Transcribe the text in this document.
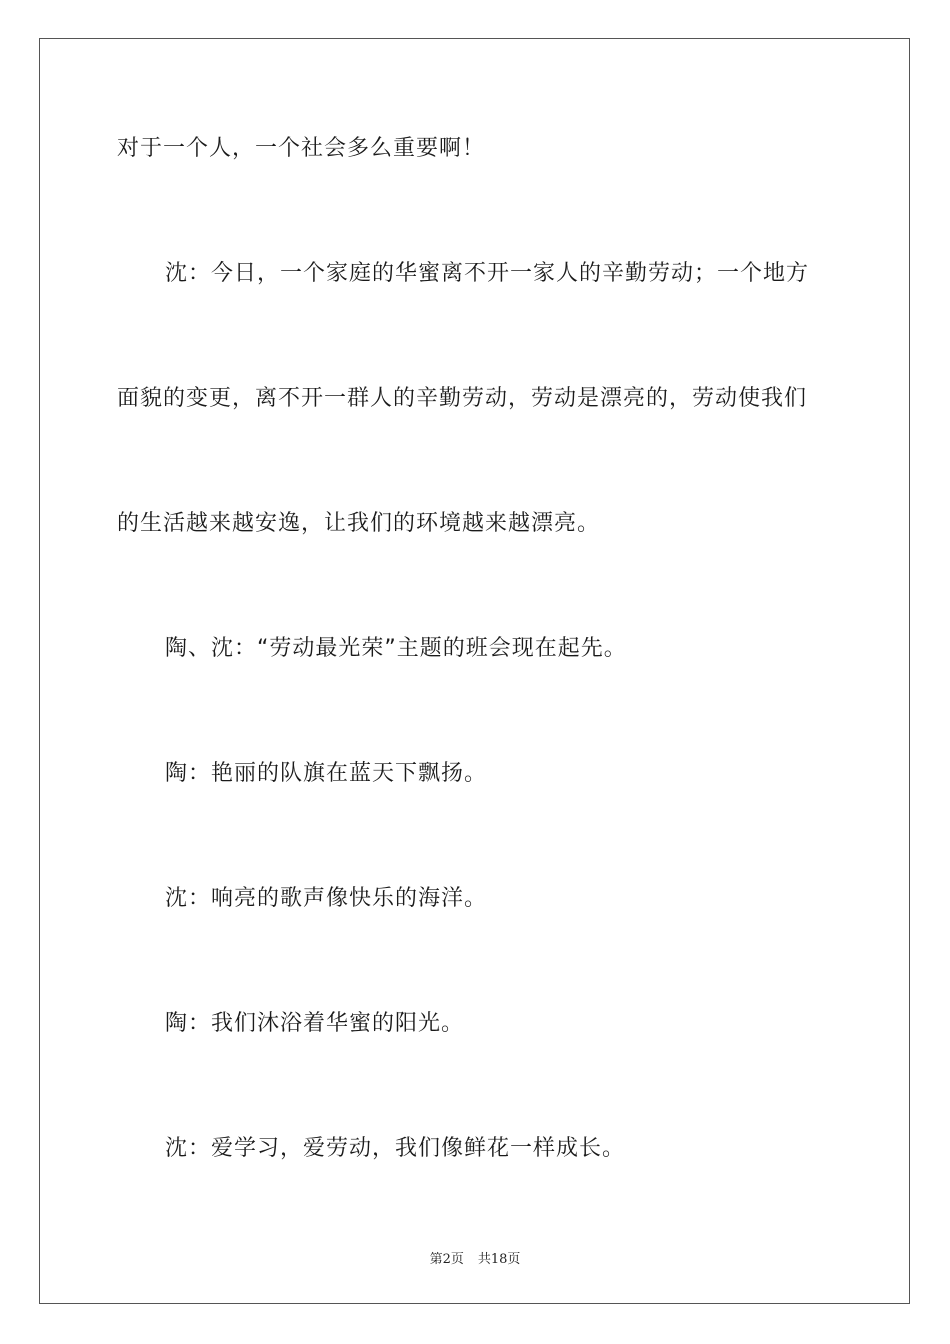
对于一个人，一个社会多么重要啊！

沈：今日，一个家庭的华蜜离不开一家人的辛勤劳动；一个地方

面貌的变更，离不开一群人的辛勤劳动，劳动是漂亮的，劳动使我们

的生活越来越安逸，让我们的环境越来越漂亮。

陶、沈：“劳动最光荣”主题的班会现在起先。

陶：艳丽的队旗在蓝天下飘扬。

沈：响亮的歌声像快乐的海洋。

陶：我们沐浴着华蜜的阳光。

沈：爱学习，爱劳动，我们像鲜花一样成长。

第2页 共18页
